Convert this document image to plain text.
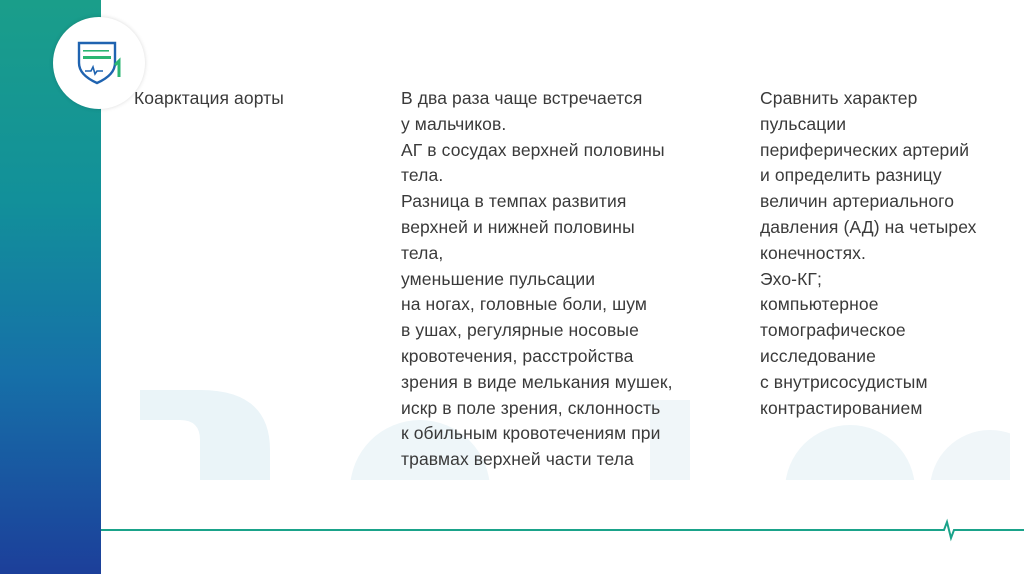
Коарктация аорты	В два раза чаще встречается
у мальчиков.
АГ в сосудах верхней половины
тела.
Разница в темпах развития
верхней и нижней половины
тела,
уменьшение пульсации
на ногах, головные боли, шум
в ушах, регулярные носовые
кровотечения, расстройства
зрения в виде мелькания мушек,
искр в поле зрения, склонность
к обильным кровотечениям при
травмах верхней части тела
Сравнить характер
пульсации
периферических артерий
и определить разницу
величин артериального
давления (АД) на четырех
конечностях.
Эхо-КГ;
компьютерное
томографическое
исследование
с внутрисосудистым
контрастированием
